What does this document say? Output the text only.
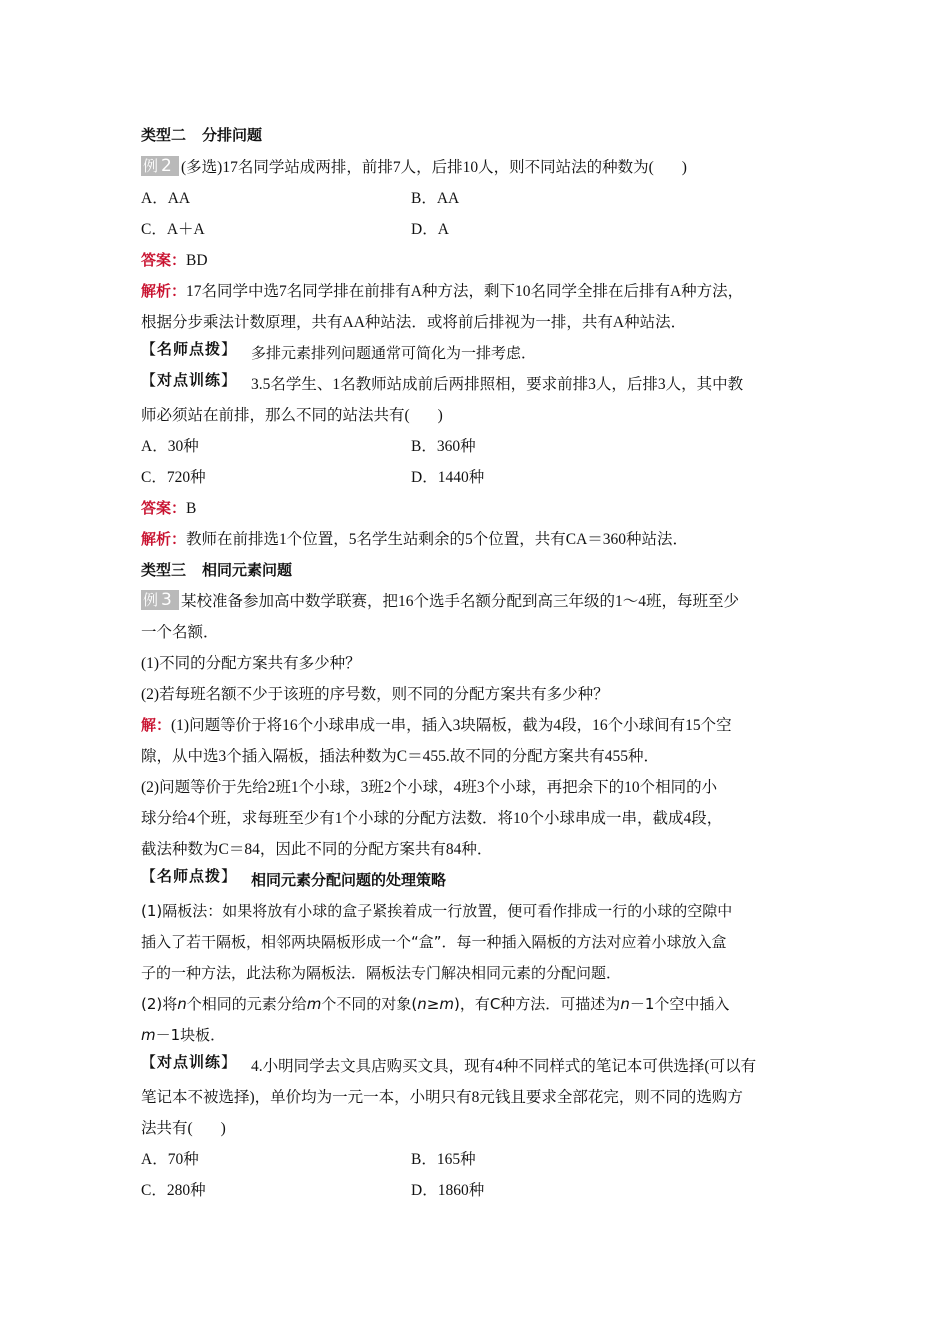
类型二 分排问题
例 2 (多选)17名同学站成两排，前排7人，后排10人，则不同站法的种数为( )
A．AA	B．AA
C．A＋A	D．A
答案：BD
解析：17名同学中选7名同学排在前排有A种方法，剩下10名同学全排在后排有A种方法，
根据分步乘法计数原理，共有AA种站法．或将前后排视为一排，共有A种站法．
【名师点拨】 多排元素排列问题通常可简化为一排考虑．
【对点训练】 3.5名学生、1名教师站成前后两排照相，要求前排3人，后排3人，其中教
师必须站在前排，那么不同的站法共有( )
A．30种	B．360种
C．720种	D．1440种
答案：B
解析：教师在前排选1个位置，5名学生站剩余的5个位置，共有CA＝360种站法．
类型三 相同元素问题
例 3 某校准备参加高中数学联赛，把16个选手名额分配到高三年级的1～4班，每班至少
一个名额．
(1)不同的分配方案共有多少种？
(2)若每班名额不少于该班的序号数，则不同的分配方案共有多少种？
解：(1)问题等价于将16个小球串成一串，插入3块隔板，截为4段，16个小球间有15个空
隙，从中选3个插入隔板，插法种数为C＝455.故不同的分配方案共有455种．
(2)问题等价于先给2班1个小球，3班2个小球，4班3个小球，再把余下的10个相同的小
球分给4个班，求每班至少有1个小球的分配方法数．将10个小球串成一串，截成4段，
截法种数为C＝84，因此不同的分配方案共有84种．
【名师点拨】 相同元素分配问题的处理策略
(1)隔板法：如果将放有小球的盒子紧挨着成一行放置，便可看作排成一行的小球的空隙中
插入了若干隔板，相邻两块隔板形成一个“盒”．每一种插入隔板的方法对应着小球放入盒
子的一种方法，此法称为隔板法．隔板法专门解决相同元素的分配问题．
(2)将n个相同的元素分给m个不同的对象(n≥m)，有C种方法．可描述为n－1个空中插入
m－1块板．
【对点训练】 4.小明同学去文具店购买文具，现有4种不同样式的笔记本可供选择(可以有
笔记本不被选择)，单价均为一元一本，小明只有8元钱且要求全部花完，则不同的选购方
法共有( )
A．70种	B．165种
C．280种	D．1860种
